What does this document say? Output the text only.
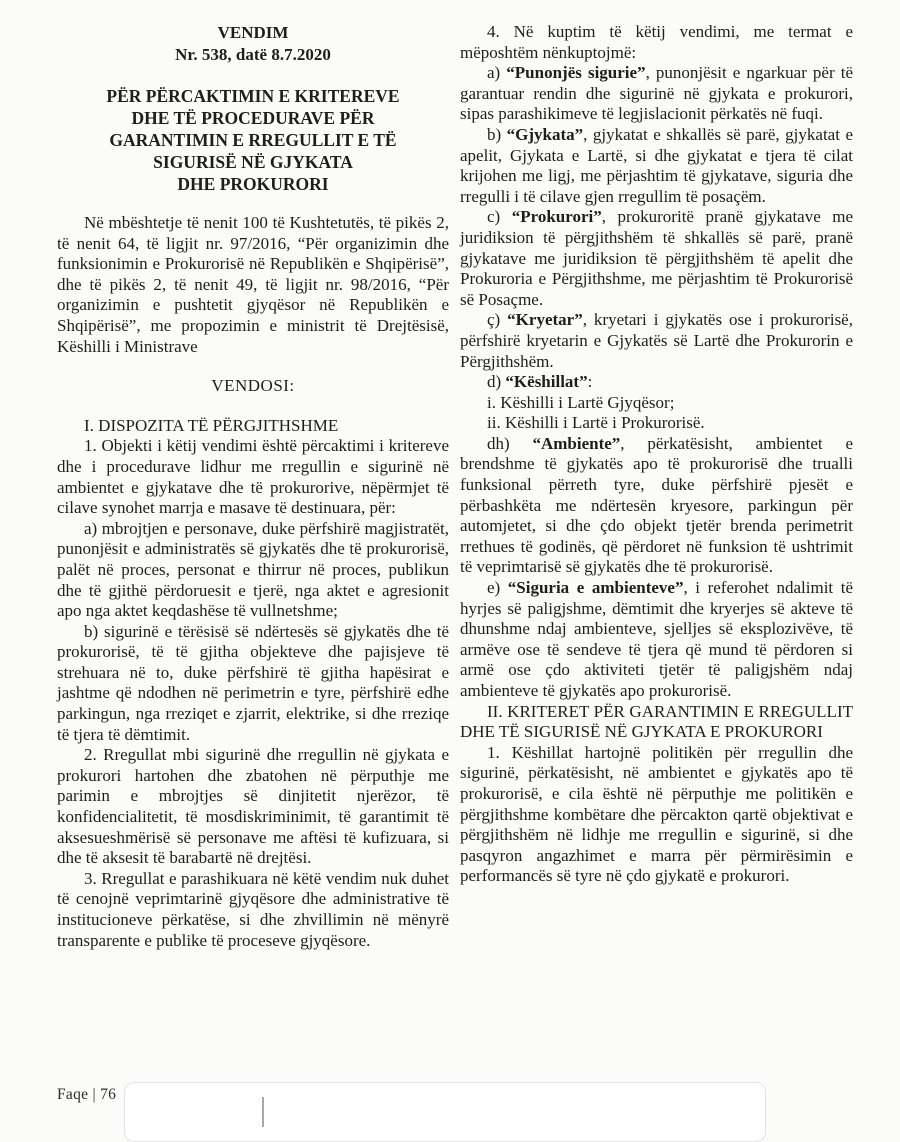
VENDIM
Nr. 538, datë 8.7.2020
PËR PËRCAKTIMIN E KRITEREVE
DHE TË PROCEDURAVE PËR
GARANTIMIN E RREGULLIT E TË
SIGURISË NË GJYKATA
DHE PROKURORI
Në mbështetje të nenit 100 të Kushtetutës, të pikës 2, të nenit 64, të ligjit nr. 97/2016, “Për organizimin dhe funksionimin e Prokurorisë në Republikën e Shqipërisë”, dhe të pikës 2, të nenit 49, të ligjit nr. 98/2016, “Për organizimin e pushtetit gjyqësor në Republikën e Shqipërisë”, me propozimin e ministrit të Drejtësisë, Këshilli i Ministrave
VENDOSI:
I. DISPOZITA TË PËRGJITHSHME
1. Objekti i këtij vendimi është përcaktimi i kritereve dhe i procedurave lidhur me rregullin e sigurinë në ambientet e gjykatave dhe të prokurorive, nëpërmjet të cilave synohet marrja e masave të destinuara, për:
a) mbrojtjen e personave, duke përfshirë magjistratët, punonjësit e administratës së gjykatës dhe të prokurorisë, palët në proces, personat e thirrur në proces, publikun dhe të gjithë përdoruesit e tjerë, nga aktet e agresionit apo nga aktet keqdashëse të vullnetshme;
b) sigurinë e tërësisë së ndërtesës së gjykatës dhe të prokurorisë, të të gjitha objekteve dhe pajisjeve të strehuara në to, duke përfshirë të gjitha hapësirat e jashtme që ndodhen në perimetrin e tyre, përfshirë edhe parkingun, nga rreziqet e zjarrit, elektrike, si dhe rreziqe të tjera të dëmtimit.
2. Rregullat mbi sigurinë dhe rregullin në gjykata e prokurori hartohen dhe zbatohen në përputhje me parimin e mbrojtjes së dinjitetit njerëzor, të konfidencialitetit, të mosdiskriminimit, të garantimit të aksesueshmërisë së personave me aftësi të kufizuara, si dhe të aksesit të barabartë në drejtësi.
3. Rregullat e parashikuara në këtë vendim nuk duhet të cenojnë veprimtarinë gjyqësore dhe administrative të institucioneve përkatëse, si dhe zhvillimin në mënyrë transparente e publike të proceseve gjyqësore.
4. Në kuptim të këtij vendimi, me termat e mëposhtëm nënkuptojmë:
a) “Punonjës sigurie”, punonjësit e ngarkuar për të garantuar rendin dhe sigurinë në gjykata e prokurori, sipas parashikimeve të legjislacionit përkatës në fuqi.
b) “Gjykata”, gjykatat e shkallës së parë, gjykatat e apelit, Gjykata e Lartë, si dhe gjykatat e tjera të cilat krijohen me ligj, me përjashtim të gjykatave, siguria dhe rregulli i të cilave gjen rregullim të posaçëm.
c) “Prokurori”, prokuroritë pranë gjykatave me juridiksion të përgjithshëm të shkallës së parë, pranë gjykatave me juridiksion të përgjithshëm të apelit dhe Prokuroria e Përgjithshme, me përjashtim të Prokurorisë së Posaçme.
ç) “Kryetar”, kryetari i gjykatës ose i prokurorisë, përfshirë kryetarin e Gjykatës së Lartë dhe Prokurorin e Përgjithshëm.
d) “Këshillat”:
i. Këshilli i Lartë Gjyqësor;
ii. Këshilli i Lartë i Prokurorisë.
dh) “Ambiente”, përkatësisht, ambientet e brendshme të gjykatës apo të prokurorisë dhe trualli funksional përreth tyre, duke përfshirë pjesët e përbashkëta me ndërtesën kryesore, parkingun për automjetet, si dhe çdo objekt tjetër brenda perimetrit rrethues të godinës, që përdoret në funksion të ushtrimit të veprimtarisë së gjykatës dhe të prokurorisë.
e) “Siguria e ambienteve”, i referohet ndalimit të hyrjes së paligjshme, dëmtimit dhe kryerjes së akteve të dhunshme ndaj ambienteve, sjelljes së eksplozivëve, të armëve ose të sendeve të tjera që mund të përdoren si armë ose çdo aktiviteti tjetër të paligjshëm ndaj ambienteve të gjykatës apo prokurorisë.
II. KRITERET PËR GARANTIMIN E RREGULLIT DHE TË SIGURISË NË GJYKATA E PROKURORI
1. Këshillat hartojnë politikën për rregullin dhe sigurinë, përkatësisht, në ambientet e gjykatës apo të prokurorisë, e cila është në përputhje me politikën e përgjithshme kombëtare dhe përcakton qartë objektivat e përgjithshëm në lidhje me rregullin e sigurinë, si dhe pasqyron angazhimet e marra për përmirësimin e performancës së tyre në çdo gjykatë e prokurori.
Faqe | 76
